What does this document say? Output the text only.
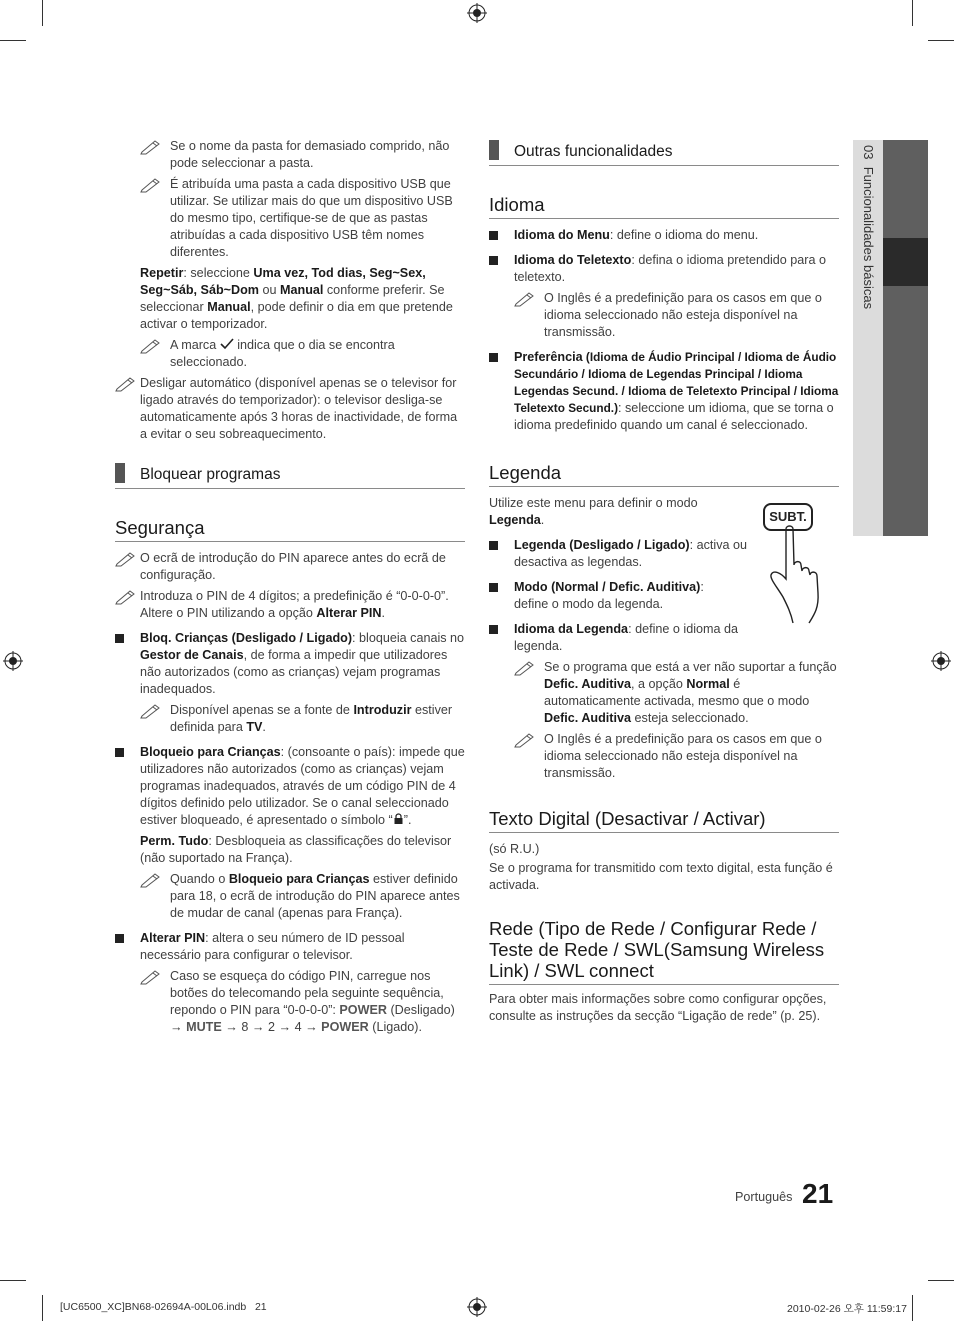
03  Funcionalidades básicas
Se o nome da pasta for demasiado comprido, não pode seleccionar a pasta.
É atribuída uma pasta a cada dispositivo USB que utilizar. Se utilizar mais do que um dispositivo USB do mesmo tipo, certifique-se de que as pastas atribuídas a cada dispositivo USB têm nomes diferentes.
Repetir: seleccione Uma vez, Tod dias, Seg~Sex, Seg~Sáb, Sáb~Dom ou Manual conforme preferir. Se seleccionar Manual, pode definir o dia em que pretende activar o temporizador.
A marca indica que o dia se encontra seleccionado.
Desligar automático (disponível apenas se o televisor for ligado através do temporizador): o televisor desliga-se automaticamente após 3 horas de inactividade, de forma a evitar o seu sobreaquecimento.
Bloquear programas
Segurança
O ecrã de introdução do PIN aparece antes do ecrã de configuração.
Introduza o PIN de 4 dígitos; a predefinição é “0-0-0-0”. Altere o PIN utilizando a opção Alterar PIN.
Bloq. Crianças (Desligado / Ligado): bloqueia canais no Gestor de Canais, de forma a impedir que utilizadores não autorizados (como as crianças) vejam programas inadequados.
Disponível apenas se a fonte de Introduzir estiver definida para TV.
Bloqueio para Crianças: (consoante o país): impede que utilizadores não autorizados (como as crianças) vejam programas inadequados, através de um código PIN de 4 dígitos definido pelo utilizador. Se o canal seleccionado estiver bloqueado, é apresentado o símbolo “ ”.
Perm. Tudo: Desbloqueia as classificações do televisor (não suportado na França).
Quando o Bloqueio para Crianças estiver definido para 18, o ecrã de introdução do PIN aparece antes de mudar de canal (apenas para França).
Alterar PIN: altera o seu número de ID pessoal necessário para configurar o televisor.
Caso se esqueça do código PIN, carregue nos botões do telecomando pela seguinte sequência, repondo o PIN para “0-0-0-0”: POWER (Desligado) → MUTE → 8 → 2 → 4 → POWER (Ligado).
Outras funcionalidades
Idioma
Idioma do Menu: define o idioma do menu.
Idioma do Teletexto: defina o idioma pretendido para o teletexto.
O Inglês é a predefinição para os casos em que o idioma seleccionado não esteja disponível na transmissão.
Preferência (Idioma de Áudio Principal / Idioma de Áudio Secundário / Idioma de Legendas Principal / Idioma Legendas Secund. / Idioma de Teletexto Principal / Idioma Teletexto Secund.): seleccione um idioma, que se torna o idioma predefinido quando um canal é seleccionado.
Legenda
SUBT.
Utilize este menu para definir o modo Legenda.
Legenda (Desligado / Ligado): activa ou desactiva as legendas.
Modo (Normal / Defic. Auditiva): define o modo da legenda.
Idioma da Legenda: define o idioma da legenda.
Se o programa que está a ver não suportar a função Defic. Auditiva, a opção Normal é automaticamente activada, mesmo que o modo Defic. Auditiva esteja seleccionado.
O Inglês é a predefinição para os casos em que o idioma seleccionado não esteja disponível na transmissão.
Texto Digital (Desactivar / Activar)
(só R.U.)
Se o programa for transmitido com texto digital, esta função é activada.
Rede (Tipo de Rede / Configurar Rede / Teste de Rede / SWL(Samsung Wireless Link) / SWL connect
Para obter mais informações sobre como configurar opções, consulte as instruções da secção “Ligação de rede” (p. 25).
Português 21
[UC6500_XC]BN68-02694A-00L06.indb   21	2010-02-26 오후 11:59:17
